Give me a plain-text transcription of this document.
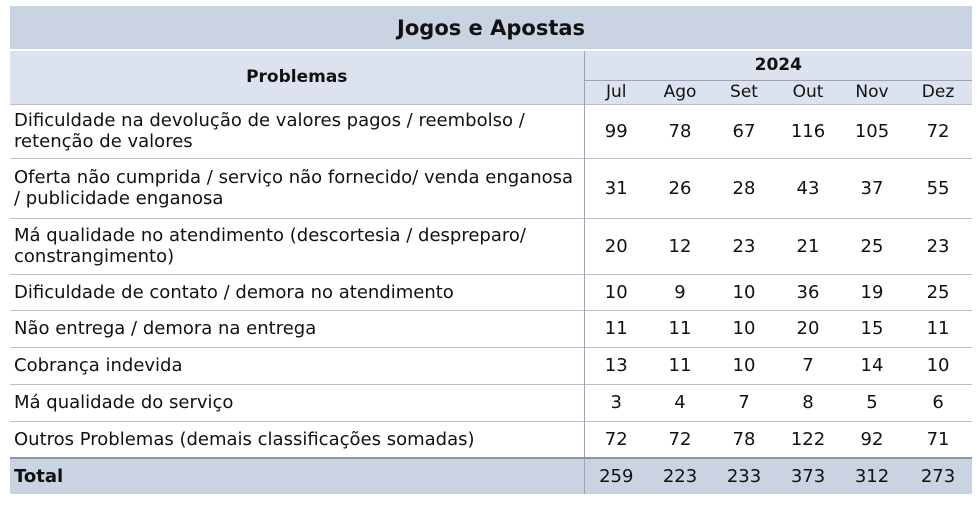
Jogos e Apostas						
Problemas	2024					
	Jul	Ago	Set	Out	Nov	Dez
Dificuldade na devolução de valores pagos / reembolso / retenção de valores	99	78	67	116	105	72
Oferta não cumprida / serviço não fornecido/ venda enganosa / publicidade enganosa	31	26	28	43	37	55
Má qualidade no atendimento (descortesia / despreparo/ constrangimento)	20	12	23	21	25	23
Dificuldade de contato / demora no atendimento	10	9	10	36	19	25
Não entrega / demora na entrega	11	11	10	20	15	11
Cobrança indevida	13	11	10	7	14	10
Má qualidade do serviço	3	4	7	8	5	6
Outros Problemas (demais classificações somadas)	72	72	78	122	92	71
Total	259	223	233	373	312	273
